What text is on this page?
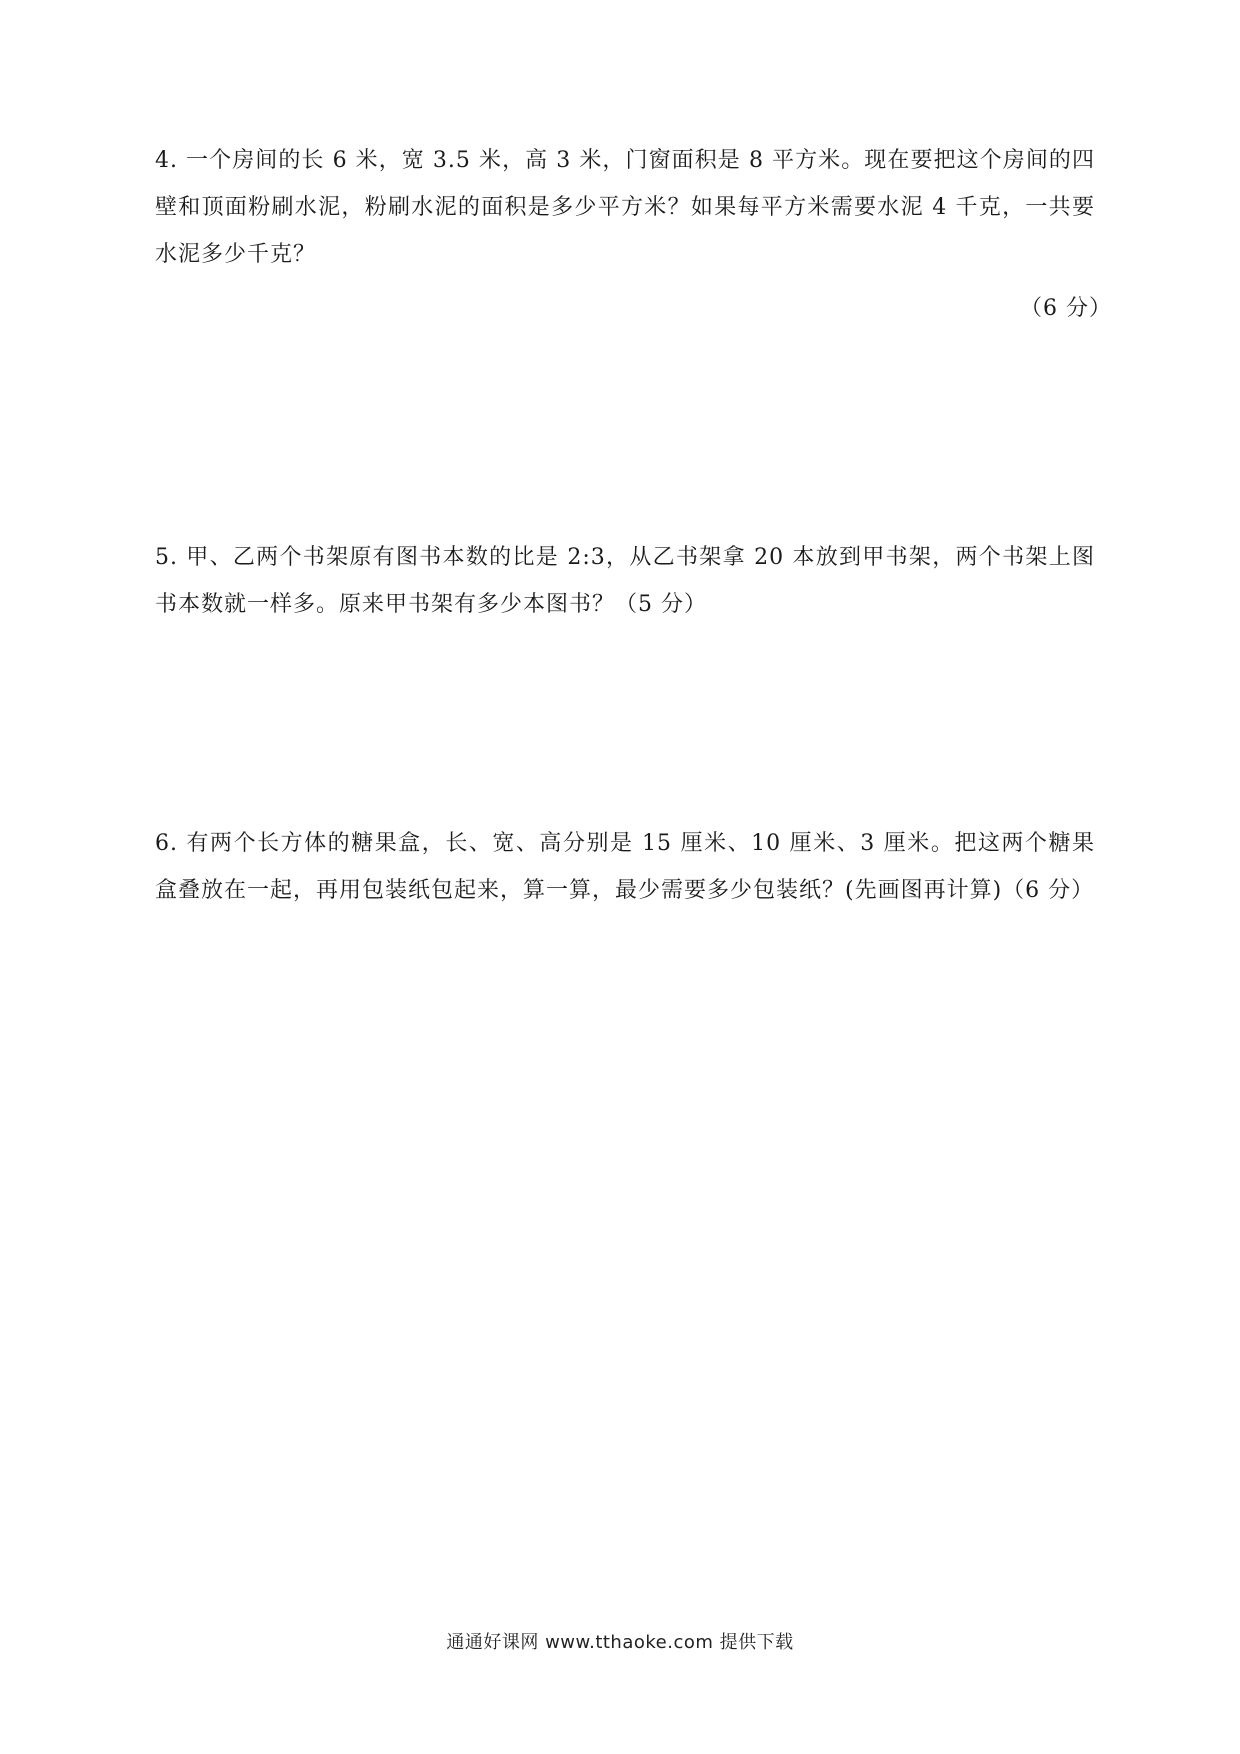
4. 一个房间的长 6 米，宽 3.5 米，高 3 米，门窗面积是 8 平方米。现在要把这个房间的四壁和顶面粉刷水泥，粉刷水泥的面积是多少平方米？如果每平方米需要水泥 4 千克，一共要水泥多少千克？

（6 分）

5. 甲、乙两个书架原有图书本数的比是 2:3，从乙书架拿 20 本放到甲书架，两个书架上图书本数就一样多。原来甲书架有多少本图书？（5 分）

6. 有两个长方体的糖果盒，长、宽、高分别是 15 厘米、10 厘米、3 厘米。把这两个糖果盒叠放在一起，再用包装纸包起来，算一算，最少需要多少包装纸？(先画图再计算)（6 分）

通通好课网 www.tthaoke.com 提供下载
